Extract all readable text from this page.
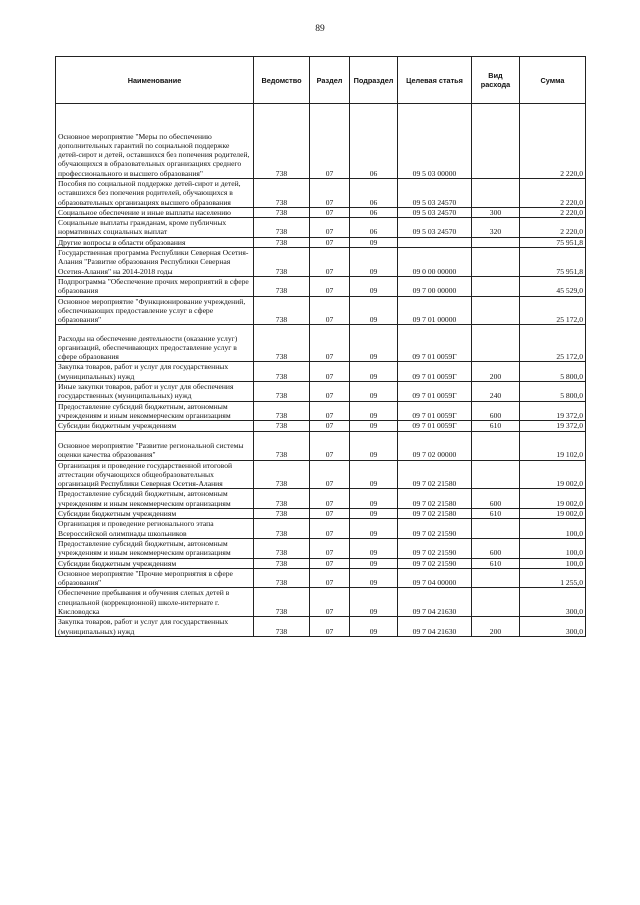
89
Наименование	Ведомство	Раздел	Подраздел	Целевая статья	Вид расхода	Сумма
Основное мероприятие "Меры по обеспечению дополнительных гарантий по социальной поддержке детей-сирот и детей, оставшихся без попечения родителей, обучающихся в образовательных организациях среднего профессионального и высшего образования"	738	07	06	09 5 03 00000		2 220,0
Пособия по социальной поддержке детей-сирот и детей, оставшихся без попечения родителей, обучающихся в образовательных организациях высшего образования	738	07	06	09 5 03 24570		2 220,0
Социальное обеспечение и иные выплаты населению	738	07	06	09 5 03 24570	300	2 220,0
Социальные выплаты гражданам, кроме публичных нормативных социальных выплат	738	07	06	09 5 03 24570	320	2 220,0
Другие вопросы в области образования	738	07	09			75 951,8
Государственная программа Республики Северная Осетия-Алания "Развитие образования Республики Северная Осетия-Алания" на 2014-2018 годы	738	07	09	09 0 00 00000		75 951,8
Подпрограмма "Обеспечение прочих мероприятий в сфере образования	738	07	09	09 7 00 00000		45 529,0
Основное мероприятие "Функционирование учреждений, обеспечивающих предоставление услуг в сфере образования"	738	07	09	09 7 01 00000		25 172,0
Расходы на обеспечение деятельности (оказание услуг) организаций, обеспечивающих предоставление услуг в сфере образования	738	07	09	09 7 01 0059Г		25 172,0
Закупка товаров, работ и услуг для государственных (муниципальных) нужд	738	07	09	09 7 01 0059Г	200	5 800,0
Иные закупки товаров, работ и услуг для обеспечения государственных (муниципальных) нужд	738	07	09	09 7 01 0059Г	240	5 800,0
Предоставление субсидий бюджетным, автономным учреждениям и иным некоммерческим организациям	738	07	09	09 7 01 0059Г	600	19 372,0
Субсидии бюджетным учреждениям	738	07	09	09 7 01 0059Г	610	19 372,0
Основное мероприятие "Развитие региональной системы оценки качества образования"	738	07	09	09 7 02 00000		19 102,0
Организация и проведение государственной итоговой аттестации обучающихся общеобразовательных организаций Республики Северная Осетия-Алания	738	07	09	09 7 02 21580		19 002,0
Предоставление субсидий бюджетным, автономным учреждениям и иным некоммерческим организациям	738	07	09	09 7 02 21580	600	19 002,0
Субсидии бюджетным учреждениям	738	07	09	09 7 02 21580	610	19 002,0
Организация и проведение регионального этапа Всероссийской олимпиады школьников	738	07	09	09 7 02 21590		100,0
Предоставление субсидий бюджетным, автономным учреждениям и иным некоммерческим организациям	738	07	09	09 7 02 21590	600	100,0
Субсидии бюджетным учреждениям	738	07	09	09 7 02 21590	610	100,0
Основное мероприятие "Прочие мероприятия в сфере образования"	738	07	09	09 7 04 00000		1 255,0
Обеспечение пребывания и обучения слепых детей в специальной (коррекционной) школе-интернате г. Кисловодска	738	07	09	09 7 04 21630		300,0
Закупка товаров, работ и услуг для государственных (муниципальных) нужд	738	07	09	09 7 04 21630	200	300,0
